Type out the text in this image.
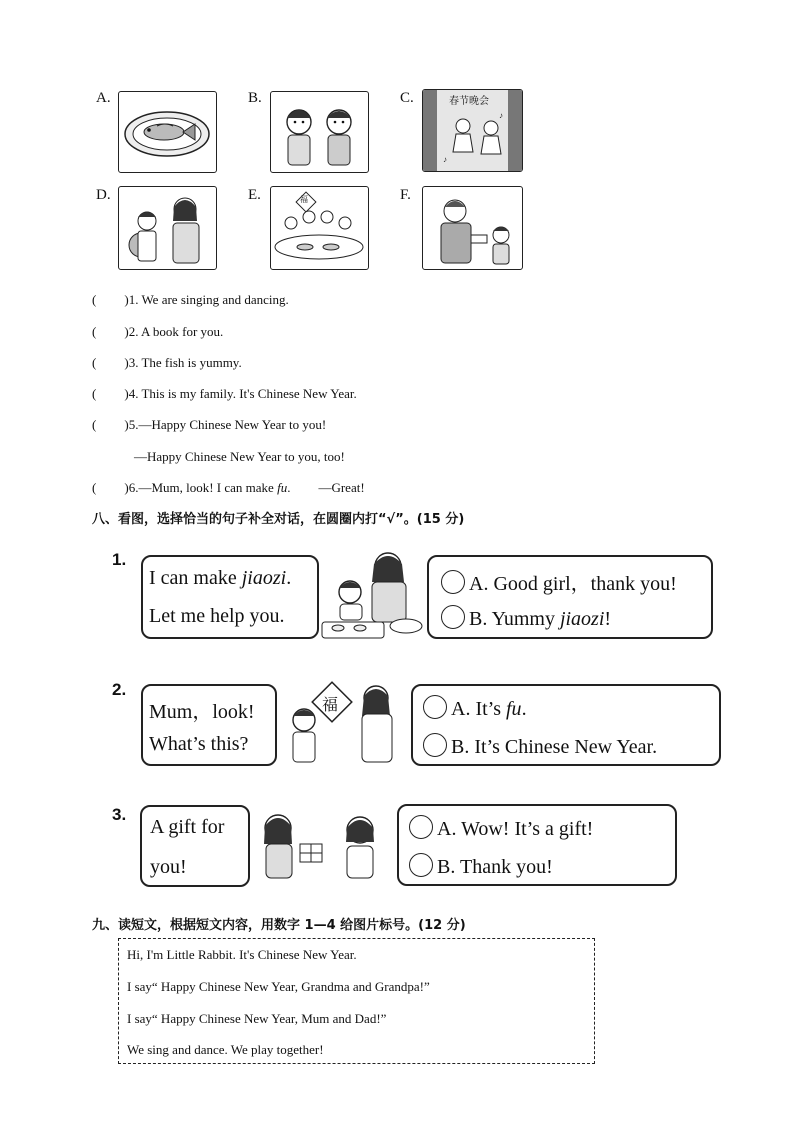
A.	B.	C.
♪
♪
春节晚会
D.	E.	福	F.
( )1. We are singing and dancing.
( )2. A book for you.
( )3. The fish is yummy.
( )4. This is my family. It's Chinese New Year.
( )5.—Happy Chinese New Year to you!
—Happy Chinese New Year to you, too!
( )6.—Mum, look! I can make fu. —Great!
八、看图，选择恰当的句子补全对话，在圆圈内打“√”。(15 分)
1.
I can make jiaozi.
Let me help you.
A. Good girl，thank you!
B. Yummy jiaozi!
2.
Mum，look!
What’s this?
福	A. It’s fu.
B. It’s Chinese New Year.
3.
A gift for
you!
A. Wow! It’s a gift!
B. Thank you!
九、读短文，根据短文内容，用数字 1—4 给图片标号。(12 分)
Hi, I'm Little Rabbit. It's Chinese New Year.
I say“ Happy Chinese New Year, Grandma and Grandpa!”
I say“ Happy Chinese New Year, Mum and Dad!”
We sing and dance. We play together!
